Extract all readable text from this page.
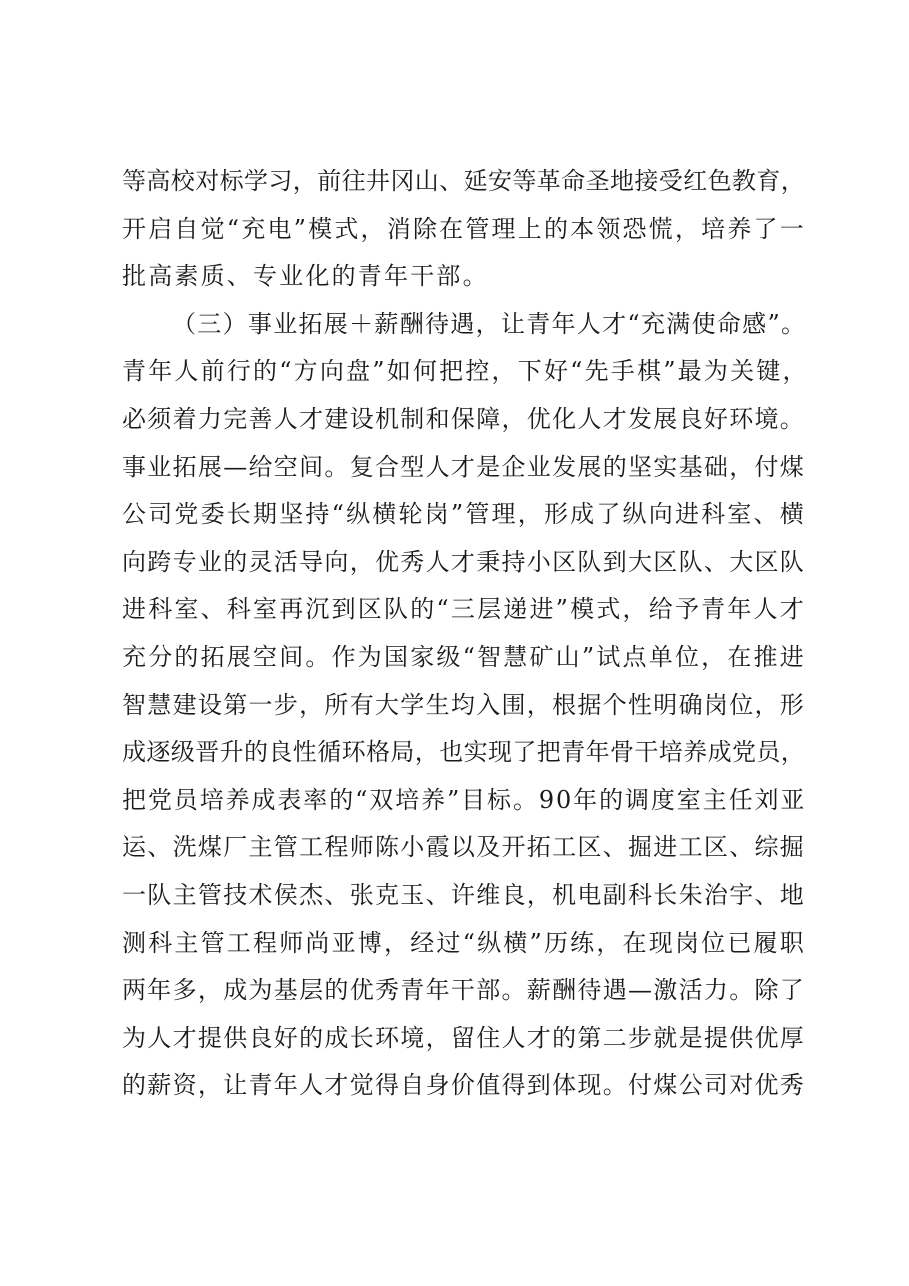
等高校对标学习，前往井冈山、延安等革命圣地接受红色教育，
开启自觉“充电”模式，消除在管理上的本领恐慌，培养了一
批高素质、专业化的青年干部。
（三）事业拓展＋薪酬待遇，让青年人才“充满使命感”。
青年人前行的“方向盘”如何把控，下好“先手棋”最为关键，
必须着力完善人才建设机制和保障，优化人才发展良好环境。
事业拓展—给空间。复合型人才是企业发展的坚实基础，付煤
公司党委长期坚持“纵横轮岗”管理，形成了纵向进科室、横
向跨专业的灵活导向，优秀人才秉持小区队到大区队、大区队
进科室、科室再沉到区队的“三层递进”模式，给予青年人才
充分的拓展空间。作为国家级“智慧矿山”试点单位，在推进
智慧建设第一步，所有大学生均入围，根据个性明确岗位，形
成逐级晋升的良性循环格局，也实现了把青年骨干培养成党员，
把党员培养成表率的“双培养”目标。90年的调度室主任刘亚
运、洗煤厂主管工程师陈小霞以及开拓工区、掘进工区、综掘
一队主管技术侯杰、张克玉、许维良，机电副科长朱治宇、地
测科主管工程师尚亚博，经过“纵横”历练，在现岗位已履职
两年多，成为基层的优秀青年干部。薪酬待遇—激活力。除了
为人才提供良好的成长环境，留住人才的第二步就是提供优厚
的薪资，让青年人才觉得自身价值得到体现。付煤公司对优秀
